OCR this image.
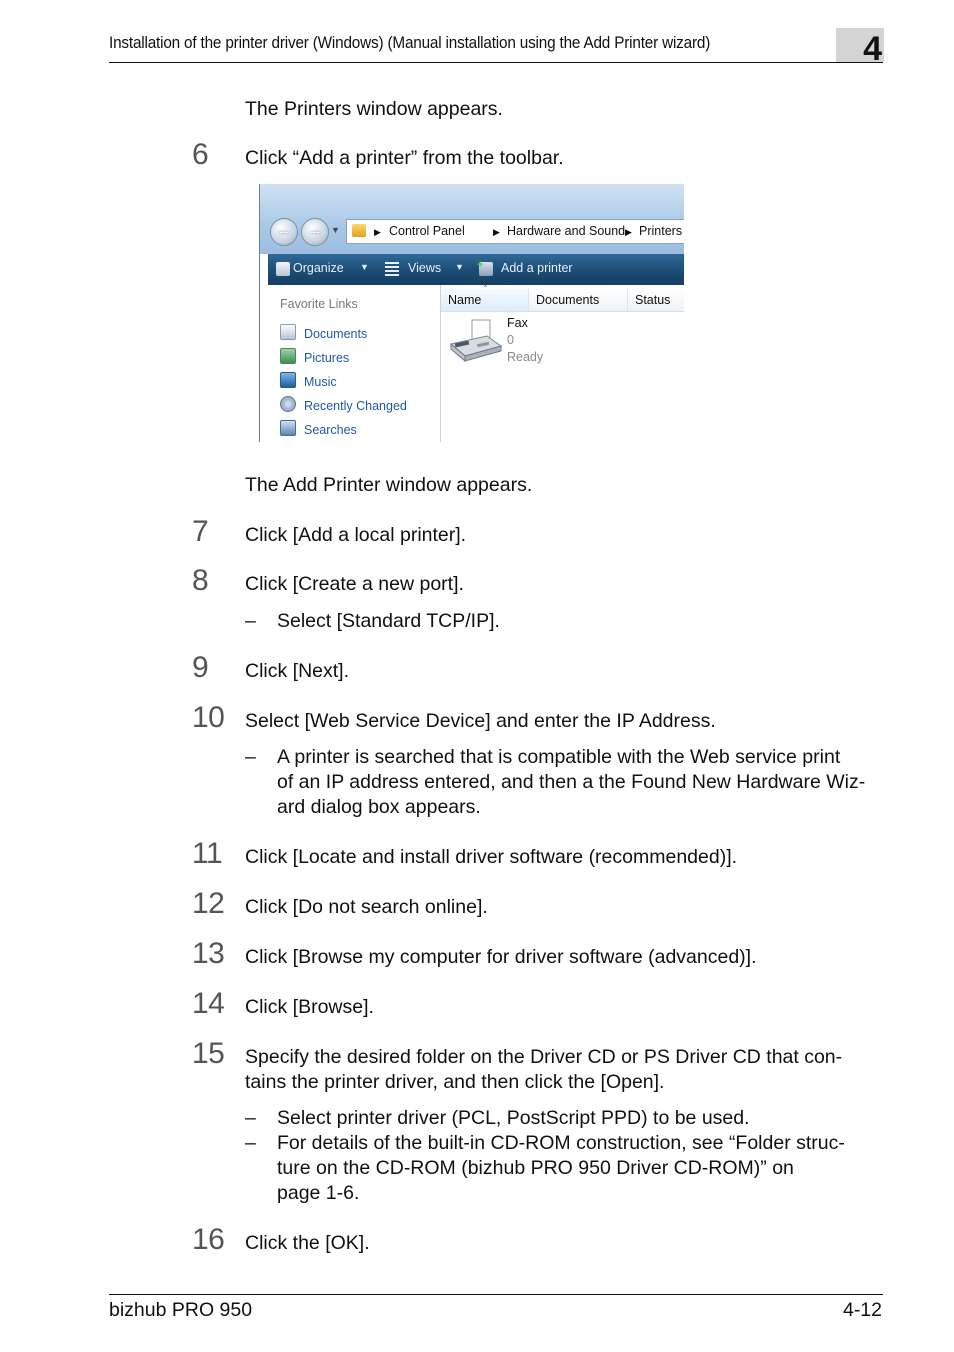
Installation of the printer driver (Windows) (Manual installation using the Add Printer wizard)	4
The Printers window appears.
6 Click “Add a printer” from the toolbar.
←	→ ▼	▶ Control Panel	▶ Hardware and Sound ▶ Printers
Organize ▼	Views ▼ + Add a printer
Favorite Links
Documents
Pictures
Music
Recently Changed
Searches
Name	Documents	Status
Fax
0
Ready
The Add Printer window appears.
7 Click [Add a local printer].
8 Click [Create a new port].
– Select [Standard TCP/IP].
9 Click [Next].
10 Select [Web Service Device] and enter the IP Address.
– A printer is searched that is compatible with the Web service print
of an IP address entered, and then a the Found New Hardware Wiz-
ard dialog box appears.
11 Click [Locate and install driver software (recommended)].
12 Click [Do not search online].
13 Click [Browse my computer for driver software (advanced)].
14 Click [Browse].
15 Specify the desired folder on the Driver CD or PS Driver CD that con-
tains the printer driver, and then click the [Open].
– Select printer driver (PCL, PostScript PPD) to be used.
– For details of the built-in CD-ROM construction, see “Folder struc-
ture on the CD-ROM (bizhub PRO 950 Driver CD-ROM)” on
page 1-6.
16 Click the [OK].
bizhub PRO 950	4-12
